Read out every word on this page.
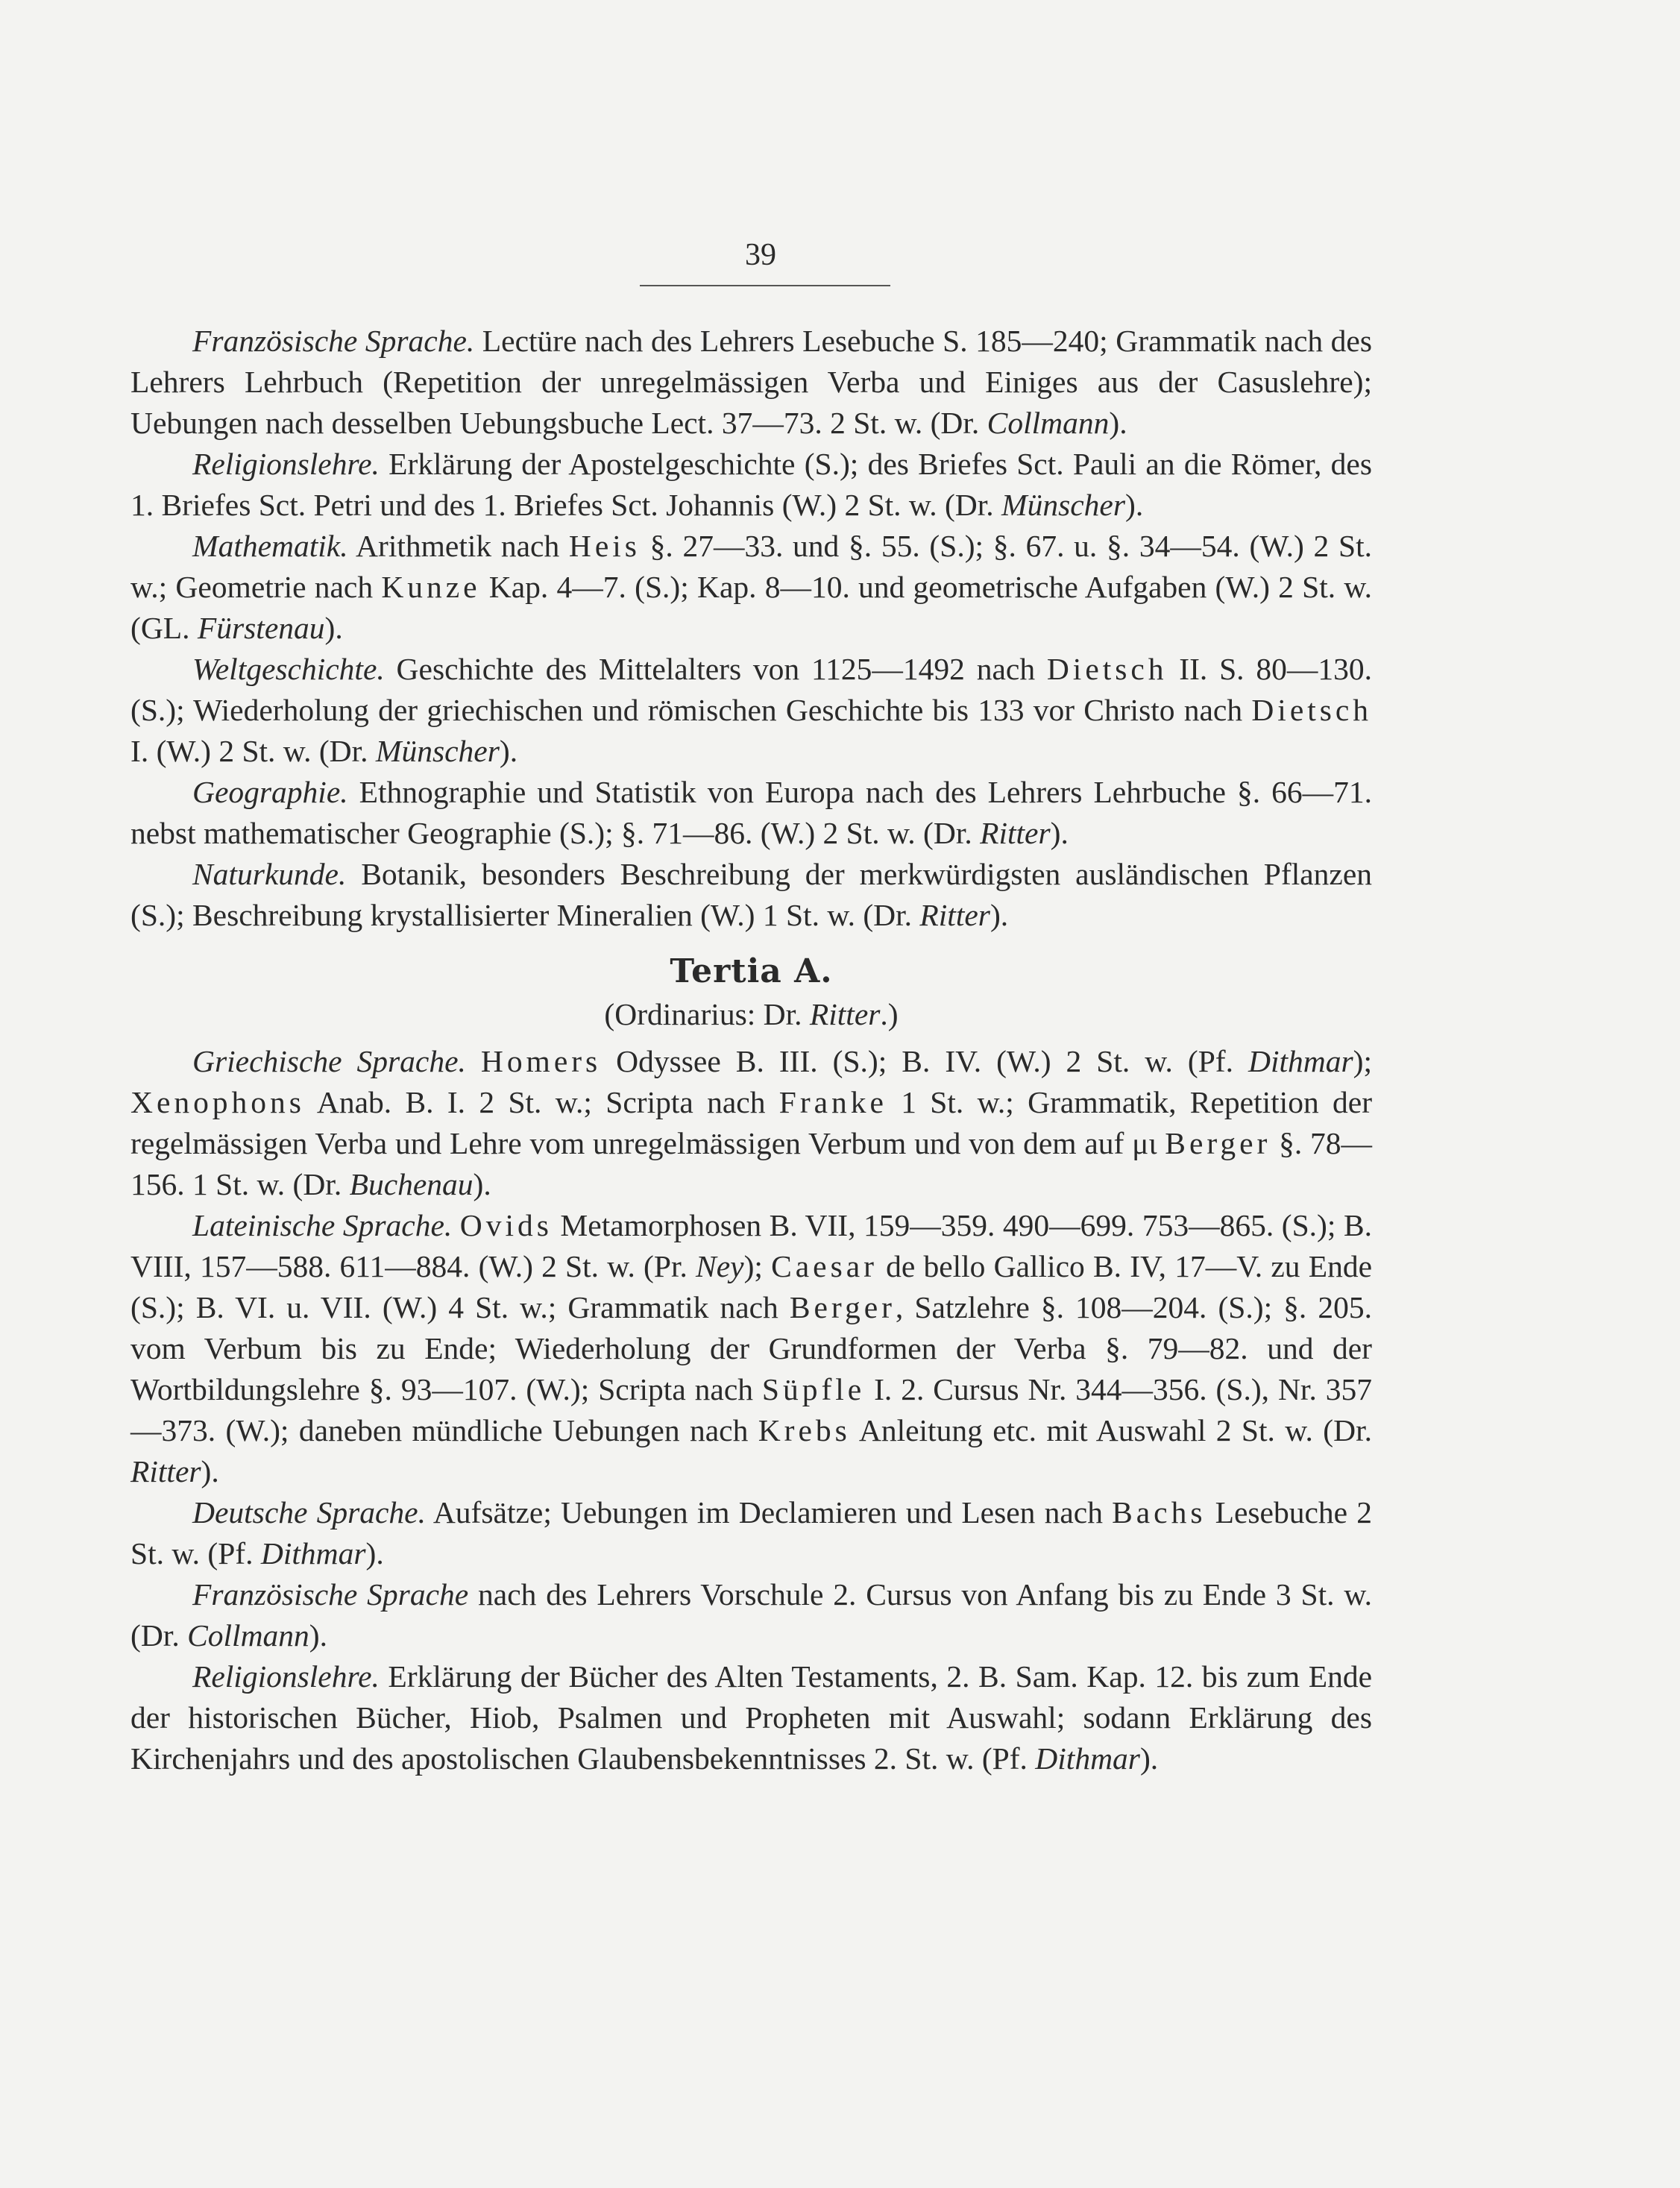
39

Französische Sprache. Lectüre nach des Lehrers Lesebuche S. 185—240; Grammatik nach des Lehrers Lehrbuch (Repetition der unregelmässigen Verba und Einiges aus der Casuslehre); Uebungen nach desselben Uebungsbuche Lect. 37—73. 2 St. w. (Dr. Collmann).

Religionslehre. Erklärung der Apostelgeschichte (S.); des Briefes Sct. Pauli an die Römer, des 1. Briefes Sct. Petri und des 1. Briefes Sct. Johannis (W.) 2 St. w. (Dr. Münscher).

Mathematik. Arithmetik nach Heis §. 27—33. und §. 55. (S.); §. 67. u. §. 34—54. (W.) 2 St. w.; Geometrie nach Kunze Kap. 4—7. (S.); Kap. 8—10. und geometrische Aufgaben (W.) 2 St. w. (GL. Fürstenau).

Weltgeschichte. Geschichte des Mittelalters von 1125—1492 nach Dietsch II. S. 80—130. (S.); Wiederholung der griechischen und römischen Geschichte bis 133 vor Christo nach Dietsch I. (W.) 2 St. w. (Dr. Münscher).

Geographie. Ethnographie und Statistik von Europa nach des Lehrers Lehrbuche §. 66—71. nebst mathematischer Geographie (S.); §. 71—86. (W.) 2 St. w. (Dr. Ritter).

Naturkunde. Botanik, besonders Beschreibung der merkwürdigsten ausländischen Pflanzen (S.); Beschreibung krystallisierter Mineralien (W.) 1 St. w. (Dr. Ritter).

Tertia A.
(Ordinarius: Dr. Ritter.)

Griechische Sprache. Homers Odyssee B. III. (S.); B. IV. (W.) 2 St. w. (Pf. Dithmar); Xenophons Anab. B. I. 2 St. w.; Scripta nach Franke 1 St. w.; Grammatik, Repetition der regelmässigen Verba und Lehre vom unregelmässigen Verbum und von dem auf μι Berger §. 78—156. 1 St. w. (Dr. Buchenau).

Lateinische Sprache. Ovids Metamorphosen B. VII, 159—359. 490—699. 753—865. (S.); B. VIII, 157—588. 611—884. (W.) 2 St. w. (Pr. Ney); Caesar de bello Gallico B. IV, 17—V. zu Ende (S.); B. VI. u. VII. (W.) 4 St. w.; Grammatik nach Berger, Satzlehre §. 108—204. (S.); §. 205. vom Verbum bis zu Ende; Wiederholung der Grundformen der Verba §. 79—82. und der Wortbildungslehre §. 93—107. (W.); Scripta nach Süpfle I. 2. Cursus Nr. 344—356. (S.), Nr. 357—373. (W.); daneben mündliche Uebungen nach Krebs Anleitung etc. mit Auswahl 2 St. w. (Dr. Ritter).

Deutsche Sprache. Aufsätze; Uebungen im Declamieren und Lesen nach Bachs Lesebuche 2 St. w. (Pf. Dithmar).

Französische Sprache nach des Lehrers Vorschule 2. Cursus von Anfang bis zu Ende 3 St. w. (Dr. Collmann).

Religionslehre. Erklärung der Bücher des Alten Testaments, 2. B. Sam. Kap. 12. bis zum Ende der historischen Bücher, Hiob, Psalmen und Propheten mit Auswahl; sodann Erklärung des Kirchenjahrs und des apostolischen Glaubensbekenntnisses 2. St. w. (Pf. Dithmar).
